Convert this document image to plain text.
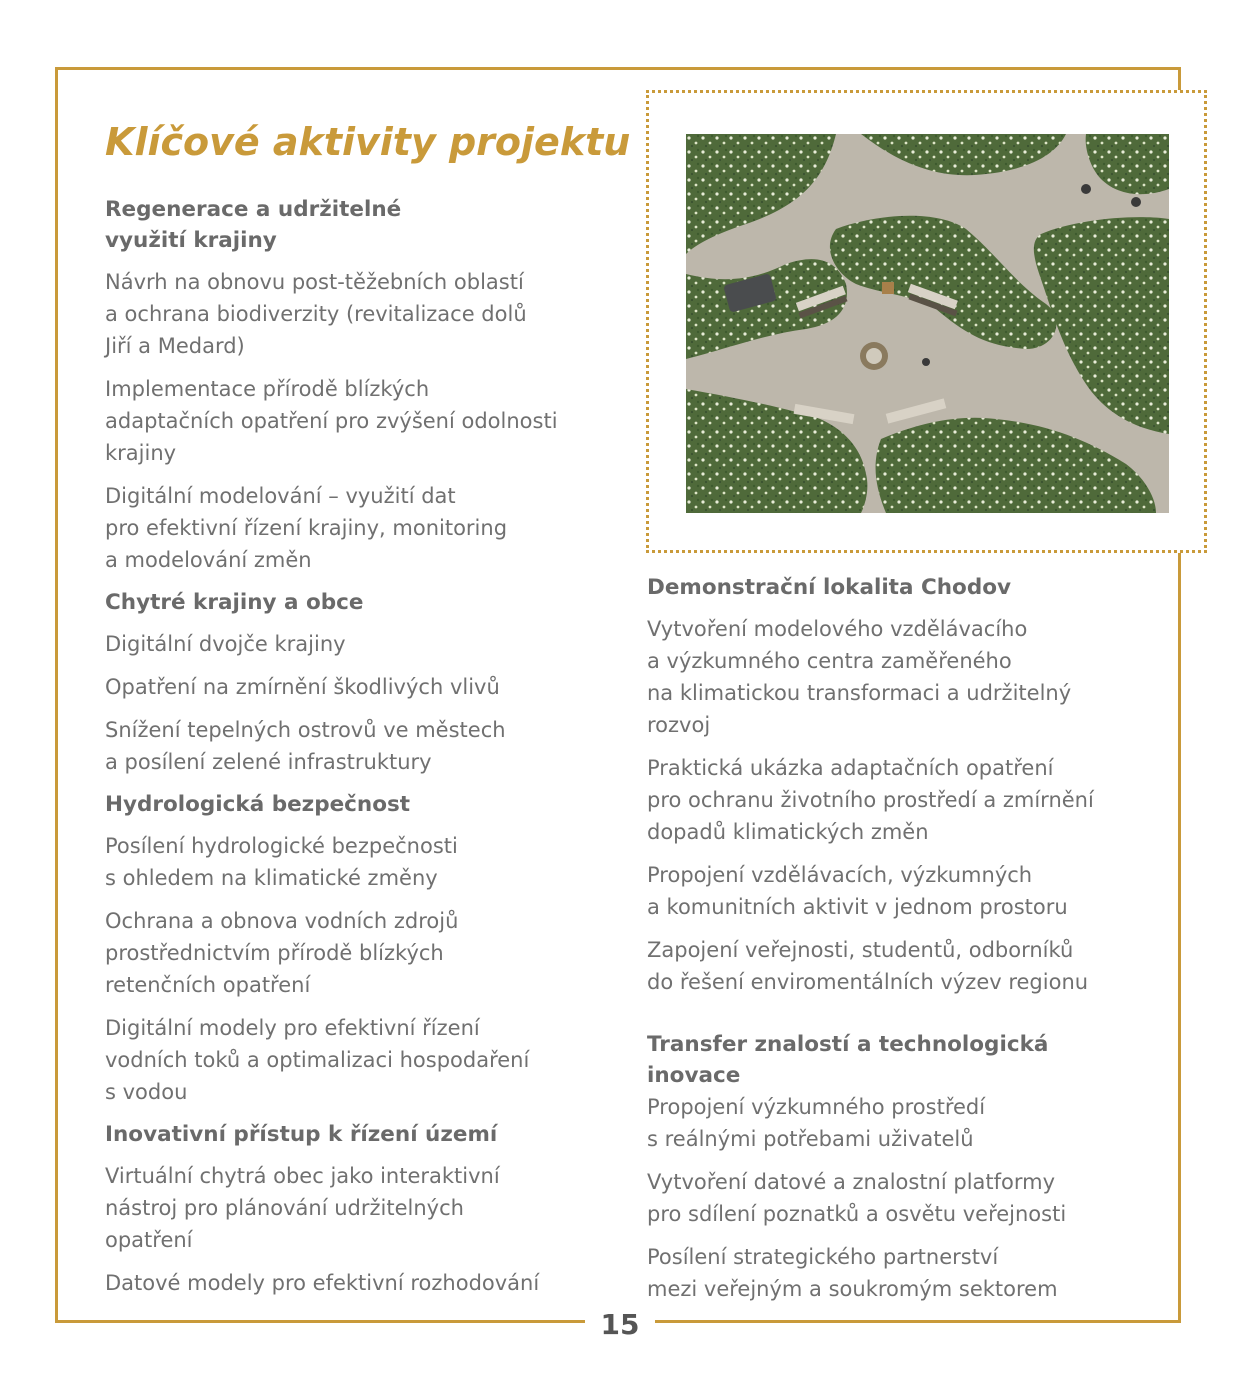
15
Klíčové aktivity projektu
Regenerace a udržitelné
využití krajiny
Návrh na obnovu post-těžebních oblastí
a ochrana biodiverzity (revitalizace dolů
Jiří a Medard)
Implementace přírodě blízkých
adaptačních opatření pro zvýšení odolnosti
krajiny
Digitální modelování – využití dat
pro efektivní řízení krajiny, monitoring
a modelování změn
Chytré krajiny a obce
Digitální dvojče krajiny
Opatření na zmírnění škodlivých vlivů
Snížení tepelných ostrovů ve městech
a posílení zelené infrastruktury
Hydrologická bezpečnost
Posílení hydrologické bezpečnosti
s ohledem na klimatické změny
Ochrana a obnova vodních zdrojů
prostřednictvím přírodě blízkých
retenčních opatření
Digitální modely pro efektivní řízení
vodních toků a optimalizaci hospodaření
s vodou
Inovativní přístup k řízení území
Virtuální chytrá obec jako interaktivní
nástroj pro plánování udržitelných
opatření
Datové modely pro efektivní rozhodování
Demonstrační lokalita Chodov
Vytvoření modelového vzdělávacího
a výzkumného centra zaměřeného
na klimatickou transformaci a udržitelný
rozvoj
Praktická ukázka adaptačních opatření
pro ochranu životního prostředí a zmírnění
dopadů klimatických změn
Propojení vzdělávacích, výzkumných
a komunitních aktivit v jednom prostoru
Zapojení veřejnosti, studentů, odborníků
do řešení enviromentálních výzev regionu
Transfer znalostí a technologická
inovace
Propojení výzkumného prostředí
s reálnými potřebami uživatelů
Vytvoření datové a znalostní platformy
pro sdílení poznatků a osvětu veřejnosti
Posílení strategického partnerství
mezi veřejným a soukromým sektorem
